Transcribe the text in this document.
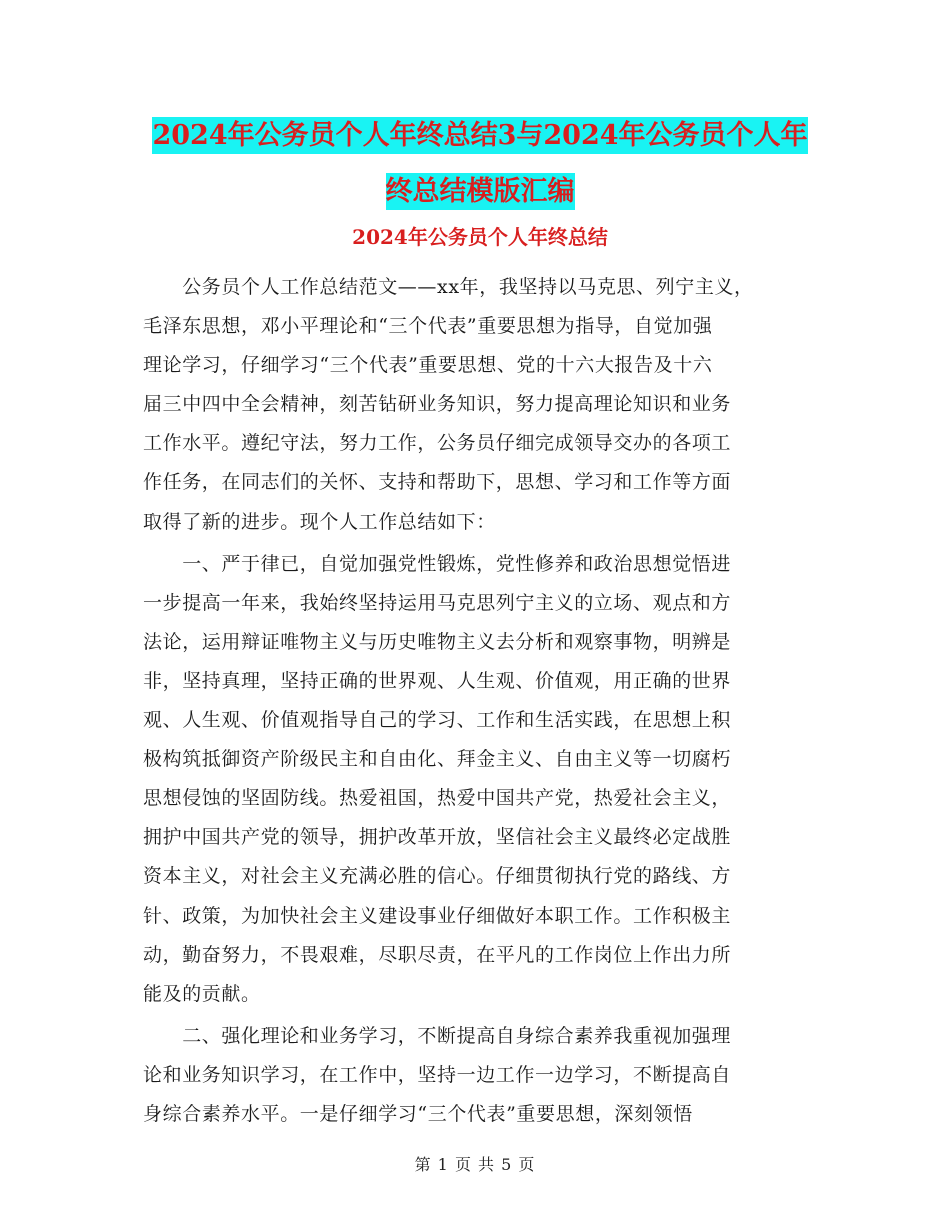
2024年公务员个人年终总结3与2024年公务员个人年
终总结模版汇编
2024年公务员个人年终总结

　　公务员个人工作总结范文——xx年，我坚持以马克思、列宁主义，
毛泽东思想，邓小平理论和“三个代表”重要思想为指导，自觉加强
理论学习，仔细学习“三个代表”重要思想、党的十六大报告及十六
届三中四中全会精神，刻苦钻研业务知识，努力提高理论知识和业务
工作水平。遵纪守法，努力工作，公务员仔细完成领导交办的各项工
作任务，在同志们的关怀、支持和帮助下，思想、学习和工作等方面
取得了新的进步。现个人工作总结如下：

　　一、严于律已，自觉加强党性锻炼，党性修养和政治思想觉悟进
一步提高一年来，我始终坚持运用马克思列宁主义的立场、观点和方
法论，运用辩证唯物主义与历史唯物主义去分析和观察事物，明辨是
非，坚持真理，坚持正确的世界观、人生观、价值观，用正确的世界
观、人生观、价值观指导自己的学习、工作和生活实践，在思想上积
极构筑抵御资产阶级民主和自由化、拜金主义、自由主义等一切腐朽
思想侵蚀的坚固防线。热爱祖国，热爱中国共产党，热爱社会主义，
拥护中国共产党的领导，拥护改革开放，坚信社会主义最终必定战胜
资本主义，对社会主义充满必胜的信心。仔细贯彻执行党的路线、方
针、政策，为加快社会主义建设事业仔细做好本职工作。工作积极主
动，勤奋努力，不畏艰难，尽职尽责，在平凡的工作岗位上作出力所
能及的贡献。

　　二、强化理论和业务学习，不断提高自身综合素养我重视加强理
论和业务知识学习，在工作中，坚持一边工作一边学习，不断提高自
身综合素养水平。一是仔细学习“三个代表”重要思想，深刻领悟

第 1 页 共 5 页
